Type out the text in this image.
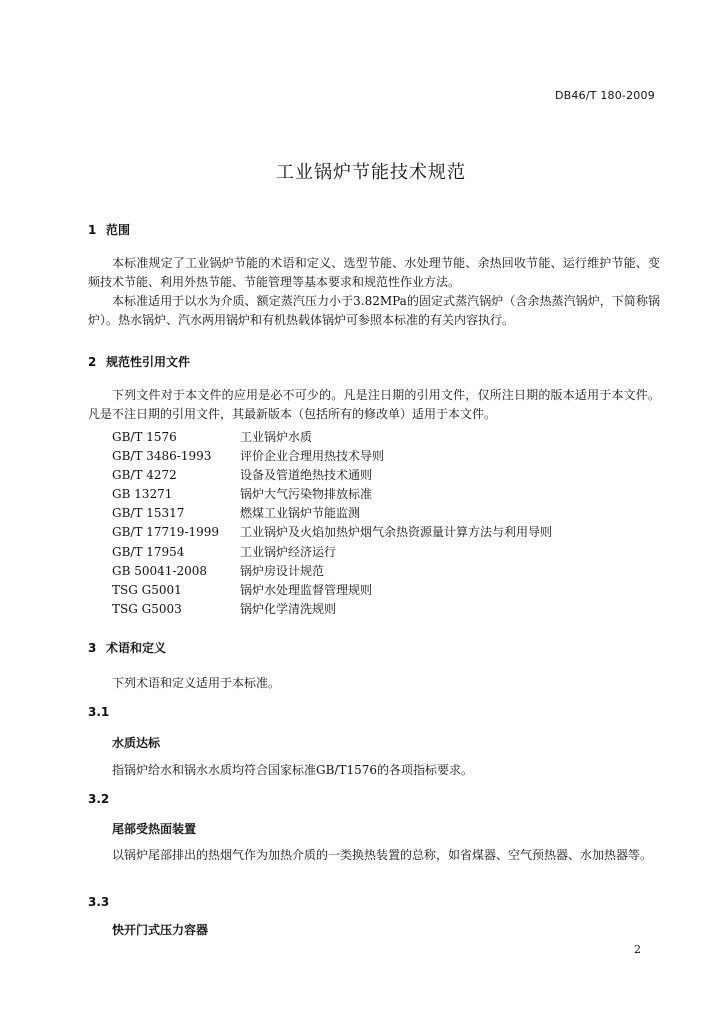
DB46/T 180-2009
工业锅炉节能技术规范
1 范围

本标准规定了工业锅炉节能的术语和定义、选型节能、水处理节能、余热回收节能、运行维护节能、变频技术节能、利用外热节能、节能管理等基本要求和规范性作业方法。

本标准适用于以水为介质、额定蒸汽压力小于3.82MPa的固定式蒸汽锅炉（含余热蒸汽锅炉，下简称锅炉）。热水锅炉、汽水两用锅炉和有机热载体锅炉可参照本标准的有关内容执行。

2 规范性引用文件

下列文件对于本文件的应用是必不可少的。凡是注日期的引用文件，仅所注日期的版本适用于本文件。凡是不注日期的引用文件，其最新版本（包括所有的修改单）适用于本文件。

GB/T 1576	工业锅炉水质
GB/T 3486-1993 评价企业合理用热技术导则
GB/T 4272	设备及管道绝热技术通则
GB 13271	锅炉大气污染物排放标准
GB/T 15317	燃煤工业锅炉节能监测
GB/T 17719-1999 工业锅炉及火焰加热炉烟气余热资源量计算方法与利用导则
GB/T 17954	工业锅炉经济运行
GB 50041-2008	锅炉房设计规范
TSG G5001	锅炉水处理监督管理规则
TSG G5003	锅炉化学清洗规则
3 术语和定义

下列术语和定义适用于本标准。

3.1
水质达标

指锅炉给水和锅水水质均符合国家标准GB/T1576的各项指标要求。

3.2
尾部受热面装置

以锅炉尾部排出的热烟气作为加热介质的一类换热装置的总称，如省煤器、空气预热器、水加热器等。

3.3
快开门式压力容器
2
